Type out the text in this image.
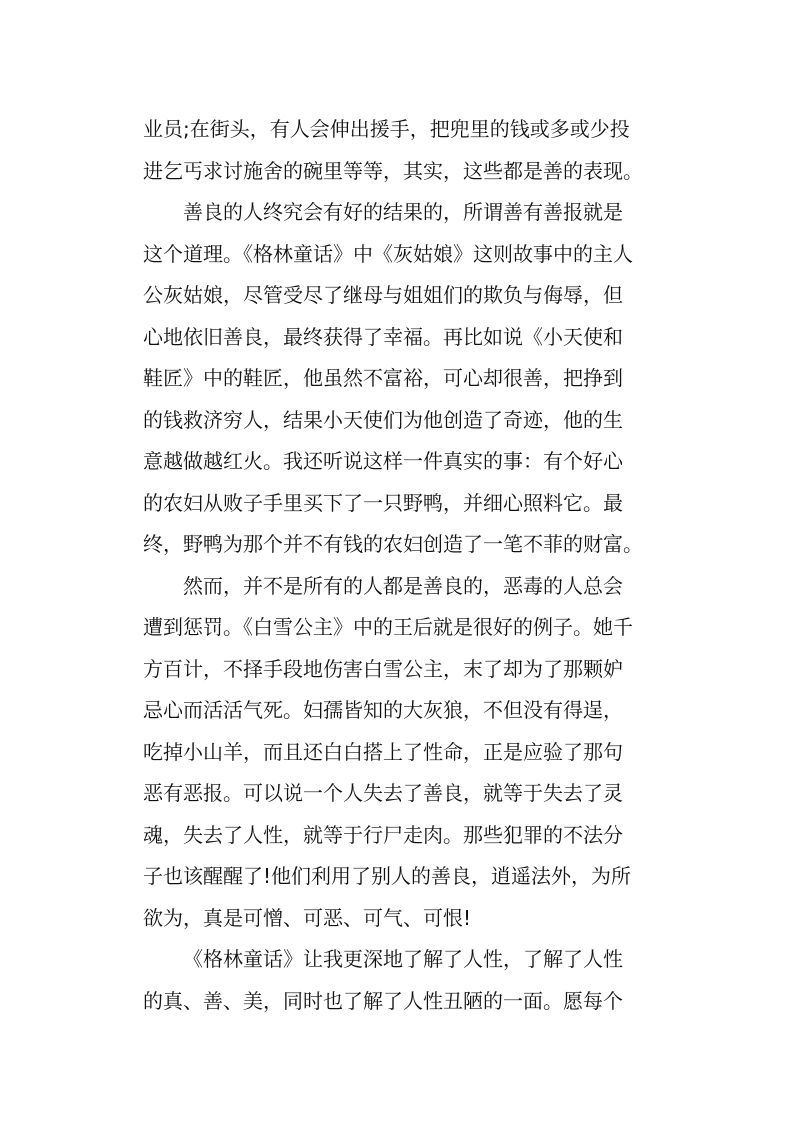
业员;在街头，有人会伸出援手，把兜里的钱或多或少投
进乞丐求讨施舍的碗里等等，其实，这些都是善的表现。
善良的人终究会有好的结果的，所谓善有善报就是
这个道理。《格林童话》中《灰姑娘》这则故事中的主人
公灰姑娘，尽管受尽了继母与姐姐们的欺负与侮辱，但
心地依旧善良，最终获得了幸福。再比如说《小天使和
鞋匠》中的鞋匠，他虽然不富裕，可心却很善，把挣到
的钱救济穷人，结果小天使们为他创造了奇迹，他的生
意越做越红火。我还听说这样一件真实的事：有个好心
的农妇从败子手里买下了一只野鸭，并细心照料它。最
终，野鸭为那个并不有钱的农妇创造了一笔不菲的财富。
然而，并不是所有的人都是善良的，恶毒的人总会
遭到惩罚。《白雪公主》中的王后就是很好的例子。她千
方百计，不择手段地伤害白雪公主，末了却为了那颗妒
忌心而活活气死。妇孺皆知的大灰狼，不但没有得逞，
吃掉小山羊，而且还白白搭上了性命，正是应验了那句
恶有恶报。可以说一个人失去了善良，就等于失去了灵
魂，失去了人性，就等于行尸走肉。那些犯罪的不法分
子也该醒醒了!他们利用了别人的善良，逍遥法外，为所
欲为，真是可憎、可恶、可气、可恨!
《格林童话》让我更深地了解了人性，了解了人性
的真、善、美，同时也了解了人性丑陋的一面。愿每个
